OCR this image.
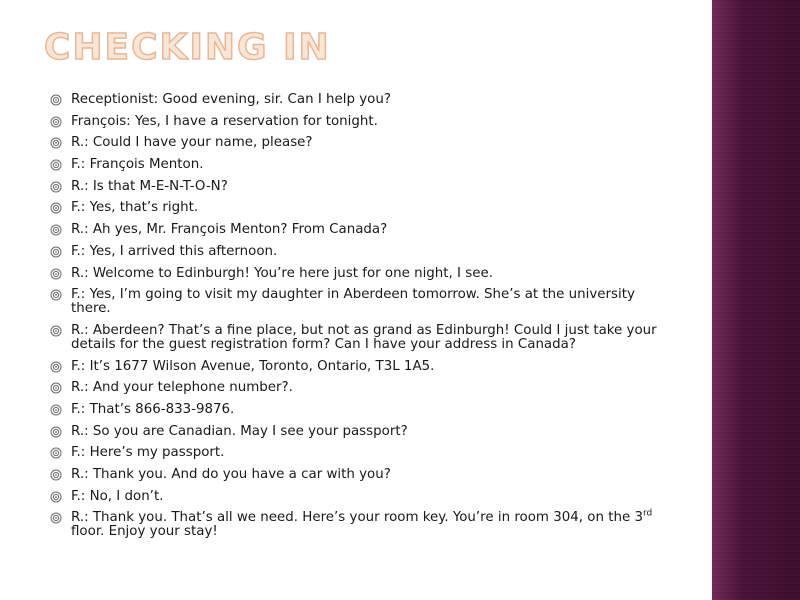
CHECKING IN
Receptionist: Good evening, sir. Can I help you?
François: Yes, I have a reservation for tonight.
R.: Could I have your name, please?
F.: François Menton.
R.: Is that M-E-N-T-O-N?
F.: Yes, that’s right.
R.: Ah yes, Mr. François Menton? From Canada?
F.: Yes, I arrived this afternoon.
R.: Welcome to Edinburgh! You’re here just for one night, I see.
F.: Yes, I’m going to visit my daughter in Aberdeen tomorrow. She’s at the university there.
R.: Aberdeen? That’s a fine place, but not as grand as Edinburgh! Could I just take your details for the guest registration form? Can I have your address in Canada?
F.: It’s 1677 Wilson Avenue, Toronto, Ontario, T3L 1A5.
R.: And your telephone number?.
F.: That’s 866-833-9876.
R.: So you are Canadian. May I see your passport?
F.: Here’s my passport.
R.: Thank you. And do you have a car with you?
F.: No, I don’t.
R.: Thank you. That’s all we need. Here’s your room key. You’re in room 304, on the 3rd floor. Enjoy your stay!
